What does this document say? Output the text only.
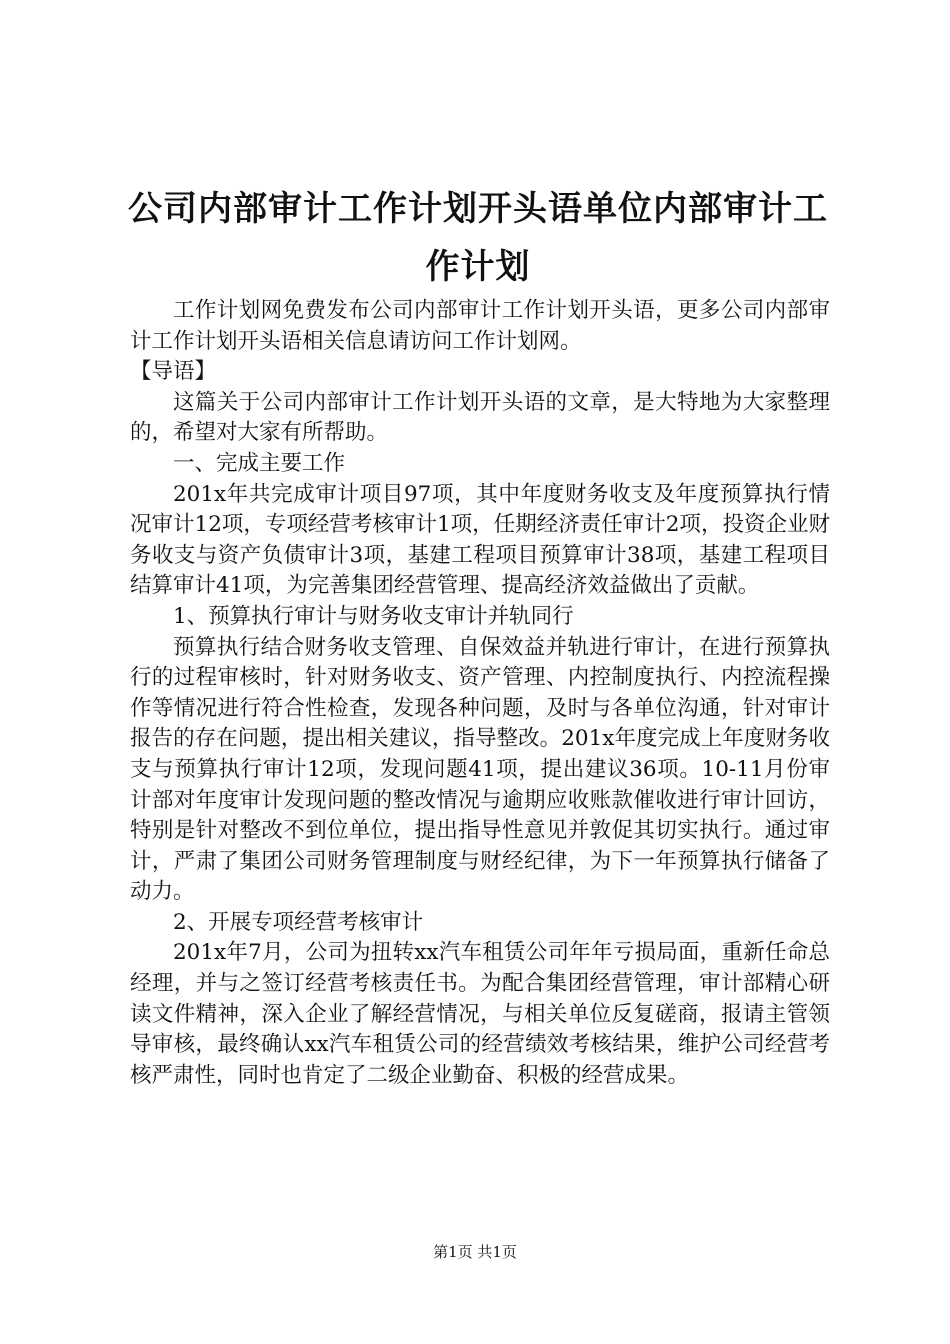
公司内部审计工作计划开头语单位内部审计工作计划

工作计划网免费发布公司内部审计工作计划开头语，更多公司内部审计工作计划开头语相关信息请访问工作计划网。

【导语】

这篇关于公司内部审计工作计划开头语的文章，是大特地为大家整理的，希望对大家有所帮助。

一、完成主要工作

201x年共完成审计项目97项，其中年度财务收支及年度预算执行情况审计12项，专项经营考核审计1项，任期经济责任审计2项，投资企业财务收支与资产负债审计3项，基建工程项目预算审计38项，基建工程项目结算审计41项，为完善集团经营管理、提高经济效益做出了贡献。

1、预算执行审计与财务收支审计并轨同行

预算执行结合财务收支管理、自保效益并轨进行审计，在进行预算执行的过程审核时，针对财务收支、资产管理、内控制度执行、内控流程操作等情况进行符合性检查，发现各种问题，及时与各单位沟通，针对审计报告的存在问题，提出相关建议，指导整改。201x年度完成上年度财务收支与预算执行审计12项，发现问题41项，提出建议36项。10-11月份审计部对年度审计发现问题的整改情况与逾期应收账款催收进行审计回访，特别是针对整改不到位单位，提出指导性意见并敦促其切实执行。通过审计，严肃了集团公司财务管理制度与财经纪律，为下一年预算执行储备了动力。

2、开展专项经营考核审计

201x年7月，公司为扭转xx汽车租赁公司年年亏损局面，重新任命总经理，并与之签订经营考核责任书。为配合集团经营管理，审计部精心研读文件精神，深入企业了解经营情况，与相关单位反复磋商，报请主管领导审核，最终确认xx汽车租赁公司的经营绩效考核结果，维护公司经营考核严肃性，同时也肯定了二级企业勤奋、积极的经营成果。

第1页 共1页
